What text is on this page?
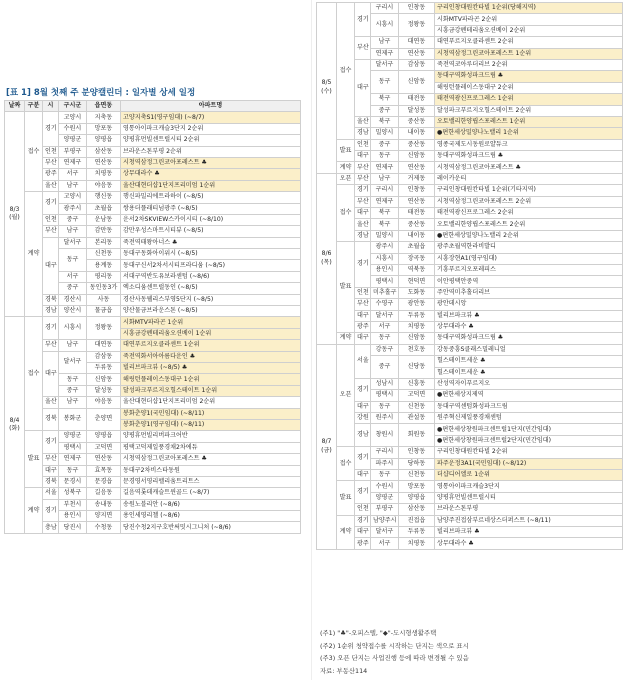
[표 1] 8월 첫째 주 분양캘린더 : 일자별 상세 일정
날짜	구분	시	구시군	읍면동	아파트명
8/3
(월)	접수	경기	고양시	지축동	고양지축S1(영구임대) (~8/7)
			수원시	망포동	영통아이파크캐슬3단지 2순위
			양평군	양평읍	양평휴먼빌센트럴시티 2순위
		인천	부평구	삼산동	브라운스톤부평 2순위
		부산	연제구	연산동	시청역삼정그린코아포레스트 ♣
		광주	서구	치평동	상무대라수 ♣
		울산	남구	야음동	울산대현더샵1단지프리미엄 1순위
	계약	경기	고양시	행신동	행신파밀리에트라하이 (~8/5)
			광주시	초월읍	쌍용더플래티넘광주 (~8/5)
		인천	중구	운남동	운서2차SKVIEW스카이시티 (~8/10)
		부산	남구	감만동	감만우성스마트시티뷰 (~8/5)
		대구	달서구	본리동	죽전역태왕아너스 ♣
			동구	신천동	동대구동화아이위시 (~8/5)
				용계동	동대구신서2차서시티프라디움 (~8/5)
			서구	평리동	서대구역반도유보라센텀 (~8/6)
			중구	동인동3가	엑소디움센트럴동인 (~8/5)
		경북	경산시	사동	경산사동웰리스부영5단지 (~8/5)
		경남	양산시	물금읍	양산물금브라운스톤 (~8/5)
8/4
(화)	접수	경기	시흥시	정왕동	시화MTV파라곤 1순위
					시흥금강펜테리움오션베이 1순위
		부산	남구	대연동	대연푸르지오클라센트 1순위
		대구	달서구	감삼동	죽전역화서아아름다운인 ♣
				두류동	빌리브파크뷰 (~8/5) ♣
			동구	신암동	해링턴플레이스동대구 1순위
			중구	달성동	달성파크푸르지오힐스테이트 1순위
		울산	남구	야음동	울산대현더샵1단지프리미엄 2순위
		경북	봉화군	춘양면	봉화춘양1(국민임대) (~8/11)
					봉화춘양1(영구임대) (~8/11)
	발표	경기	양평군	양평읍	양평휴먼빌리버파크어반
			평택시	고덕면	평택고덕제일풍경채2차에듀
		부산	연제구	연산동	시청역삼정그린코아포레스트 ♣
		대구	동구	효목동	동대구2차비스타동원
		경북	문경시	문경읍	문경영서영리펠리움트리트스
	계약	서울	성북구	길음동	길음역롯데캐슬트윈골드 (~8/7)
		경기	부천시	송내동	송원노블리안 (~8/6)
			용인시	양지면	용인세영리첼 (~8/6)
		충남	당진시	수청동	당진수청2지구호반써밋시그니처 (~8/6)
8/5
(수)	접수	경기	구리시	인창동	구리인창대원칸타빌 1순위(당해지역)
			시흥시	정왕동	시화MTV파라곤 2순위
					시흥금강펜테리움오션베이 2순위
		부산	남구	대연동	대연푸르지오클라센트 2순위
			연제구	연산동	시청역삼정그린코아포레스트 1순위
		대구	달서구	감삼동	죽전역코아루더리브 2순위
			동구	신암동	동대구역화성파크드림 ♣
					해링턴플레이스동대구 2순위
			북구	태전동	태전역광신프로그레스 1순위
			중구	달성동	달성파크푸르지오힐스테이트 2순위
		울산	북구	중산동	오토밸리한양립스포레스트 1순위
		경남	밀양시	내이동	●편한세상밀양나노밸리 1순위
	발표	인천	중구	중산동	영종국제도시동원로얄듀크
		대구	동구	신암동	동대구역화성파크드림 ♣
	계약	부산	연제구	연산동	시청역삼정그린코아포레스트 ♣
8/6
(목)	오픈	부산	남구	거제동	레이카운티
	접수	경기	구리시	인창동	구리인창대원칸타빌 1순위(기타지역)
		부산	연제구	연산동	시청역삼정그린코아포레스트 2순위
		대구	북구	태전동	태전역광신프로그레스 2순위
		울산	북구	중산동	오토밸리한양립스포레스트 2순위
		경남	밀양시	내이동	●편한세상밀양나노밸리 2순위
	발표	경기	광주시	초월읍	광주초월역한라비발디
			시흥시	장곡동	시흥장현A1(영구임대)
			용인시	역북동	기흥푸르지오포레피스
			평택시	현덕면	이안평택안중역
		인천	미추홀구	도화동	주안역미추홀더리브
		부산	수영구	광안동	광안데시앙
		대구	달서구	두류동	빌리브파크뷰 ♣
		광주	서구	치평동	상무대라수 ♣
	계약	대구	동구	신암동	동대구역화성파크드림 ♣
8/7
(금)	오픈	서울	강동구	천호동	강동중흥S클래스밀레니얼
			중구	신당동	힐스테이트세운 ♣
					힐스테이트세운 ♣
		경기	성남시	신흥동	산성역자이푸르지오
			평택시	고덕면	●편한세상지제역
		대구	동구	신천동	동대구역센텀화성파크드림
		강원	원주시	관설동	원주혁신제일풍경채센텀
		경남	창원시	회원동	●편한세상창원파크센트럴1단지(민간임대)
					●편한세상창원파크센트럴2단지(민간임대)
	접수	경기	구리시	인창동	구리인창대원칸타빌 2순위
			파주시	당하동	파주운정3A1(국민임대) (~8/12)
		대구	동구	신천동	더샵디어엘로 1순위
	발표	경기	수원시	망포동	영통아이파크캐슬3단지
			양평군	양평읍	양평휴먼빌센트럴시티
		인천	부평구	삼산동	브라운스톤부평
	계약	경기	남양주시	진접읍	남양주진접삼부르네상스더퍼스트 (~8/11)
		대구	달서구	두류동	빌리브파크뷰 ♣
		광주	서구	치평동	상무대라수 ♣
(주1) "♣"-오피스텔, "◆"-도시형생활주택
(주2) 1순위 청약접수를 시작하는 단지는 색으로 표시
(주3) 오픈 단지는 사업진행 등에 따라 변경될 수 있음
자료: 부동산114
